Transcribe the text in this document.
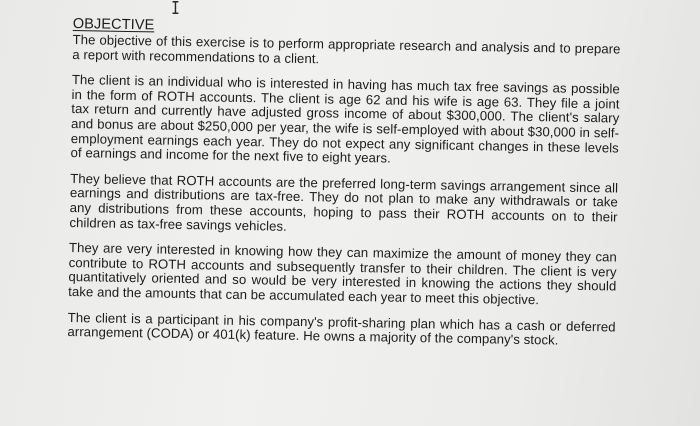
I
OBJECTIVE

The objective of this exercise is to perform appropriate research and analysis and to prepare a report with recommendations to a client.

The client is an individual who is interested in having has much tax free savings as possible in the form of ROTH accounts. The client is age 62 and his wife is age 63. They file a joint tax return and currently have adjusted gross income of about $300,000. The client's salary and bonus are about $250,000 per year, the wife is self-employed with about $30,000 in self-employment earnings each year. They do not expect any significant changes in these levels of earnings and income for the next five to eight years.

They believe that ROTH accounts are the preferred long-term savings arrangement since all earnings and distributions are tax-free. They do not plan to make any withdrawals or take any distributions from these accounts, hoping to pass their ROTH accounts on to their children as tax-free savings vehicles.

They are very interested in knowing how they can maximize the amount of money they can contribute to ROTH accounts and subsequently transfer to their children. The client is very quantitatively oriented and so would be very interested in knowing the actions they should take and the amounts that can be accumulated each year to meet this objective.

The client is a participant in his company's profit-sharing plan which has a cash or deferred arrangement (CODA) or 401(k) feature. He owns a majority of the company's stock.
